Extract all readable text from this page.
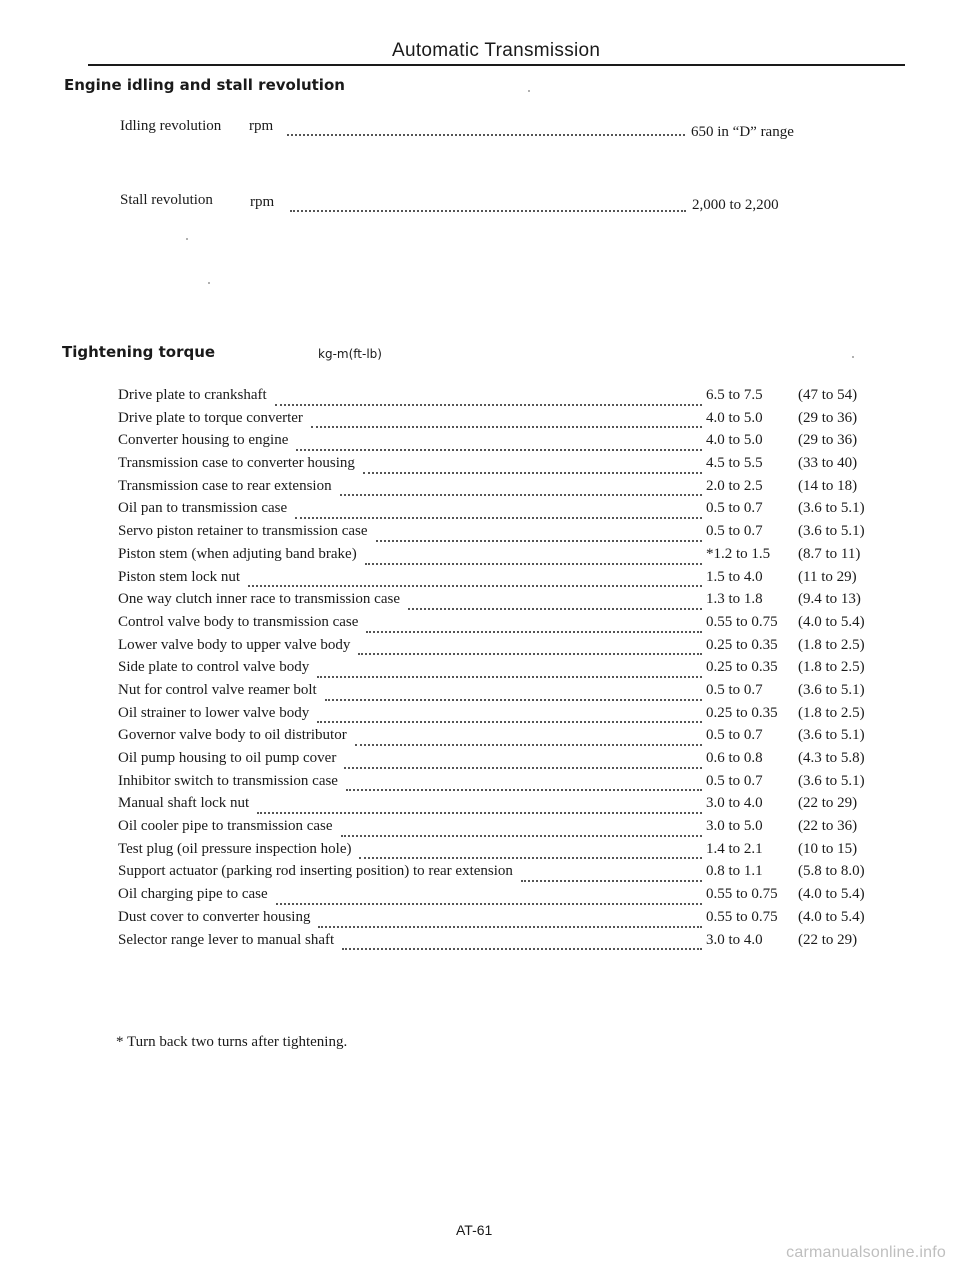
Automatic Transmission
Engine idling and stall revolution
Idling revolution rpm	650 in “D” range
Stall revolution rpm	2,000 to 2,200
Tightening torque	kg-m(ft-lb)
Drive plate to crankshaft	6.5 to 7.5	(47 to 54)
Drive plate to torque converter	4.0 to 5.0	(29 to 36)
Converter housing to engine	4.0 to 5.0	(29 to 36)
Transmission case to converter housing	4.5 to 5.5	(33 to 40)
Transmission case to rear extension	2.0 to 2.5	(14 to 18)
Oil pan to transmission case	0.5 to 0.7	(3.6 to 5.1)
Servo piston retainer to transmission case	0.5 to 0.7	(3.6 to 5.1)
Piston stem (when adjuting band brake)	*1.2 to 1.5	(8.7 to 11)
Piston stem lock nut	1.5 to 4.0	(11 to 29)
One way clutch inner race to transmission case	1.3 to 1.8	(9.4 to 13)
Control valve body to transmission case	0.55 to 0.75	(4.0 to 5.4)
Lower valve body to upper valve body	0.25 to 0.35	(1.8 to 2.5)
Side plate to control valve body	0.25 to 0.35	(1.8 to 2.5)
Nut for control valve reamer bolt	0.5 to 0.7	(3.6 to 5.1)
Oil strainer to lower valve body	0.25 to 0.35	(1.8 to 2.5)
Governor valve body to oil distributor	0.5 to 0.7	(3.6 to 5.1)
Oil pump housing to oil pump cover	0.6 to 0.8	(4.3 to 5.8)
Inhibitor switch to transmission case	0.5 to 0.7	(3.6 to 5.1)
Manual shaft lock nut	3.0 to 4.0	(22 to 29)
Oil cooler pipe to transmission case	3.0 to 5.0	(22 to 36)
Test plug (oil pressure inspection hole)	1.4 to 2.1	(10 to 15)
Support actuator (parking rod inserting position) to rear extension	0.8 to 1.1	(5.8 to 8.0)
Oil charging pipe to case	0.55 to 0.75	(4.0 to 5.4)
Dust cover to converter housing	0.55 to 0.75	(4.0 to 5.4)
Selector range lever to manual shaft	3.0 to 4.0	(22 to 29)
* Turn back two turns after tightening.
AT-61
carmanualsonline.info
